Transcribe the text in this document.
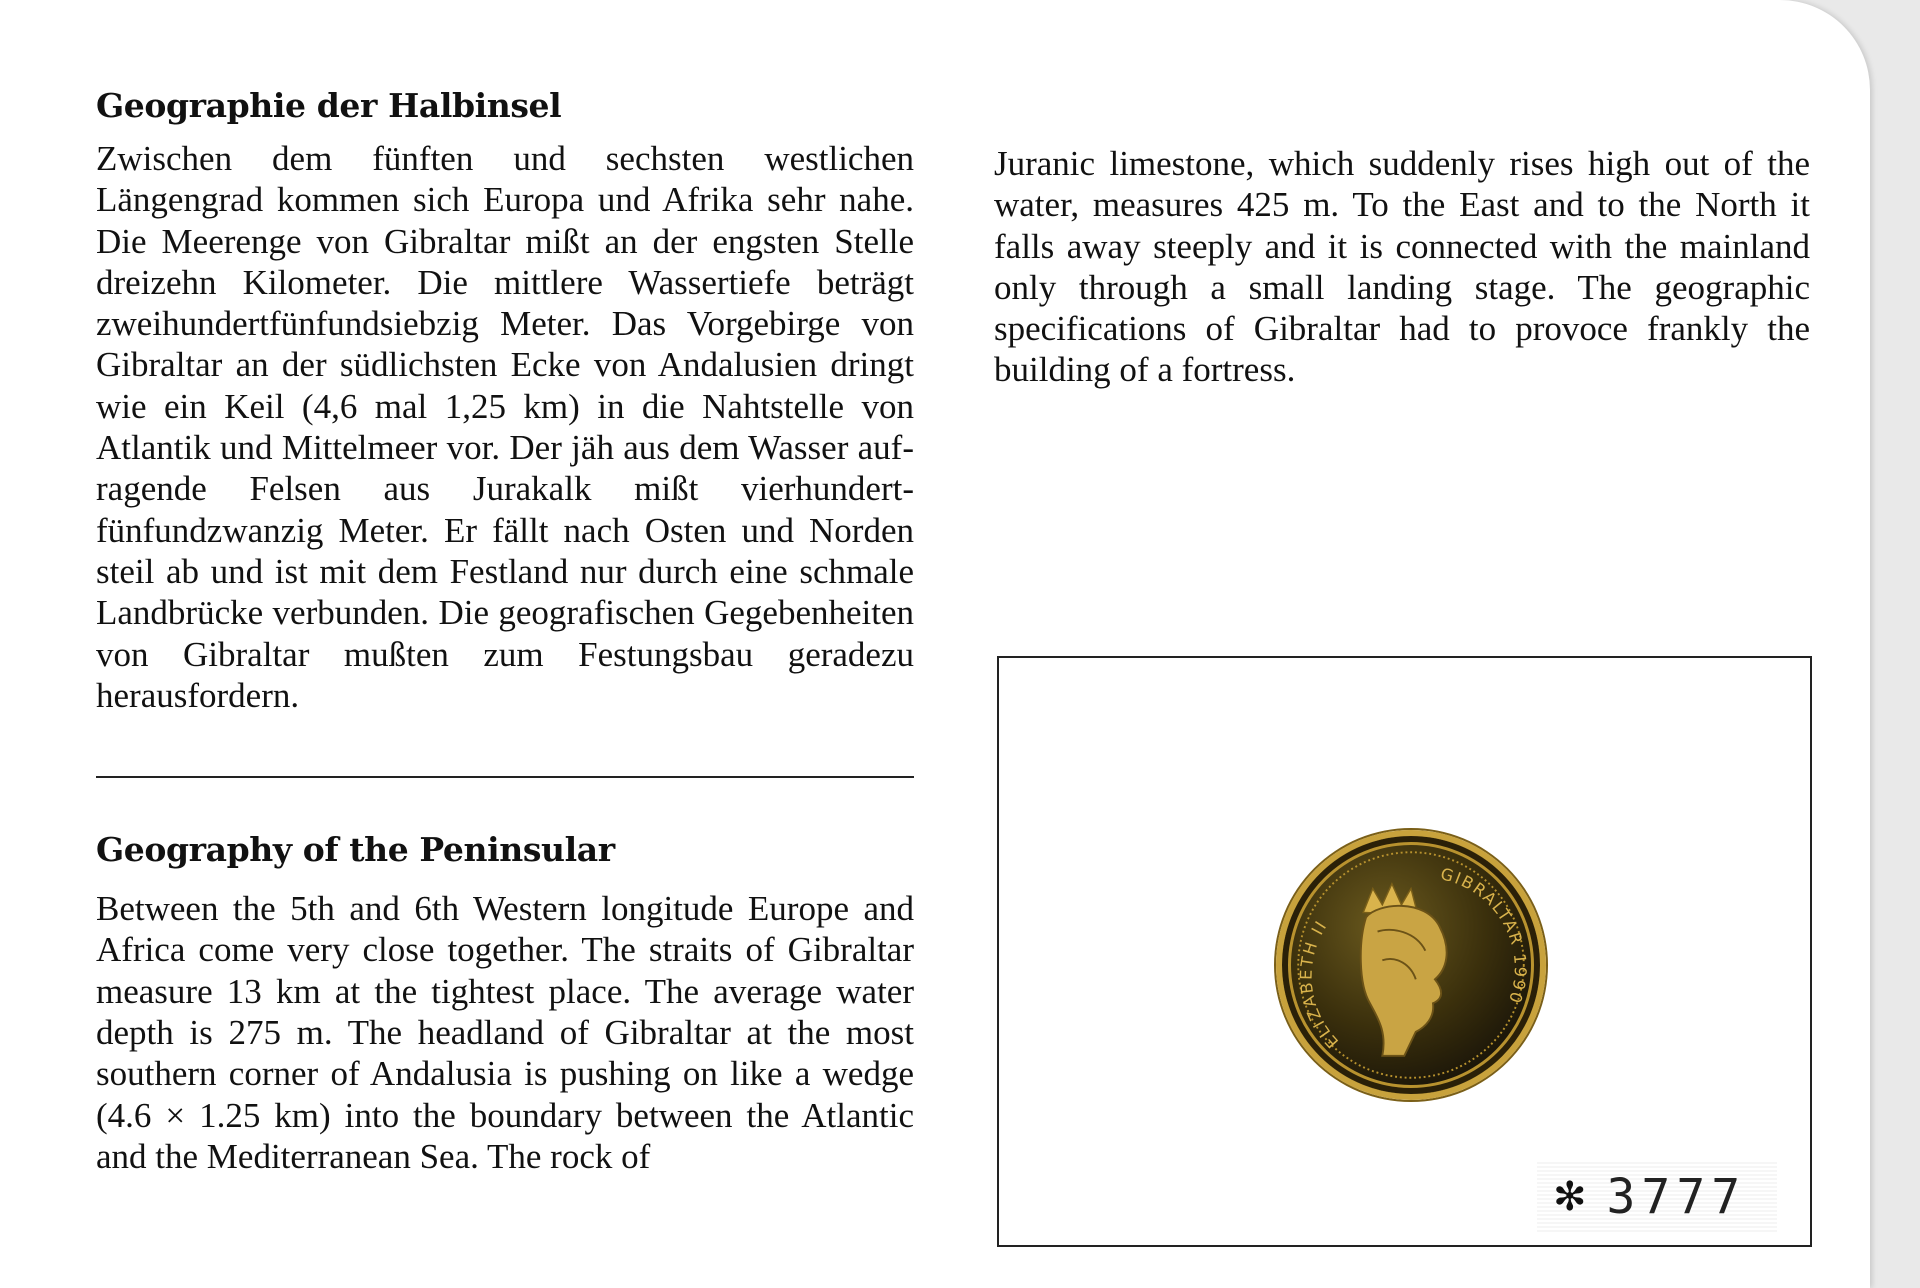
Geographie der Halbinsel

Zwischen dem fünften und sechsten westlichen Längengrad kommen sich Europa und Afrika sehr nahe. Die Meerenge von Gibraltar mißt an der engsten Stelle dreizehn Kilometer. Die mittlere Wassertiefe beträgt zweihundertfünfundsiebzig Meter. Das Vorgebirge von Gibraltar an der südlichsten Ecke von Andalusien dringt wie ein Keil (4,6 mal 1,25 km) in die Nahtstelle von Atlantik und Mittelmeer vor. Der jäh aus dem Wasser aufragende Felsen aus Jurakalk mißt vierhundertfünfundzwanzig Meter. Er fällt nach Osten und Norden steil ab und ist mit dem Festland nur durch eine schmale Landbrücke verbunden. Die geografischen Gegebenheiten von Gibraltar mußten zum Festungsbau geradezu herausfordern.

Geography of the Peninsular

Between the 5th and 6th Western longitude Europe and Africa come very close together. The straits of Gibraltar measure 13 km at the tightest place. The average water depth is 275 m. The headland of Gibraltar at the most southern corner of Andalusia is pushing on like a wedge (4.6 × 1.25 km) into the boundary between the Atlantic and the Mediterranean Sea. The rock of

Juranic limestone, which suddenly rises high out of the water, measures 425 m. To the East and to the North it falls away steeply and it is connected with the mainland only through a small landing stage. The geographic specifications of Gibraltar had to provoce frankly the building of a fortress.

ELIZABETH II
GIBRALTAR 1990
✻ 3777
